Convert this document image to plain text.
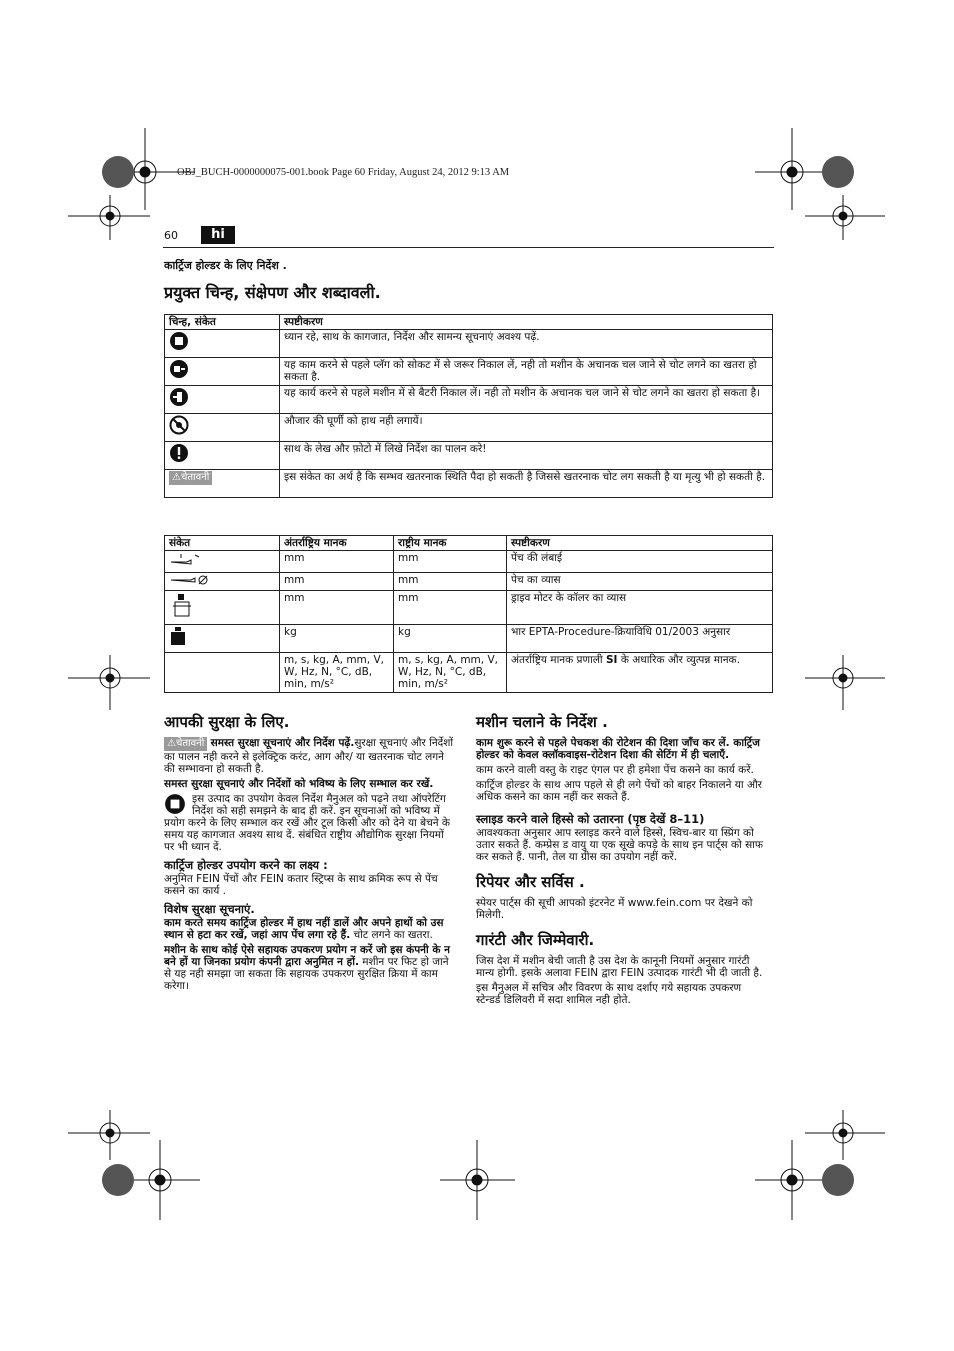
OBJ_BUCH-0000000075-001.book Page 60 Friday, August 24, 2012 9:13 AM
60	hi
कार्ट्रिज होल्डर के लिए निर्देश .
प्रयुक्त चिन्ह, संक्षेपण और शब्दावली.
चिन्ह, संकेत	स्पष्टीकरण
	ध्यान रहे, साथ के कागजात, निर्देश और सामन्य सूचनाएं अवश्य पढ़ें.
	यह काम करने से पहले प्लॅग को सोकट में से जरूर निकाल लें, नही तो मशीन के अचानक चल जाने से चोट लगने का खतरा हो सकता है.
	यह कार्य करने से पहले मशीन में से बैटरी निकाल लें। नही तो मशीन के अचानक चल जाने से चोट लगने का खतरा हो सकता है।
	औजार की घूर्णी को हाथ नही लगायें।
	साथ के लेख और फ़ोटो में लिखे निर्देश का पालन करे!
⚠चेतावनी	इस संकेत का अर्थ है कि सम्भव खतरनाक स्थिति पैदा हो सकती है जिससे खतरनाक चोट लग सकती है या मृत्यु भी हो सकती है.
संकेत	अंतर्राष्ट्रिय मानक	राष्ट्रीय मानक	स्पष्टीकरण
	mm	mm	पेंच की लंबाई
	mm	mm	पेच का व्यास
	mm	mm	ड्राइव मोटर के कॉलर का व्यास
	kg	kg	भार EPTA-Procedure-क्रियाविधि 01/2003 अनुसार
	m, s, kg, A, mm, V, W, Hz, N, °C, dB, min, m/s²	m, s, kg, A, mm, V, W, Hz, N, °C, dB, min, m/s²	अंतर्राष्ट्रिय मानक प्रणाली SI के अधारिक और व्युत्पन्न मानक.
आपकी सुरक्षा के लिए.

⚠चेतावनी समस्त सुरक्षा सूचनाएं और निर्देश पढ़ें.सुरक्षा सूचनाएं और निर्देशों का पालन नही करने से इलेक्ट्रिक करंट, आग और/ या खतरनाक चोट लगने की सम्भावना हो सकती है.

समस्त सुरक्षा सूचनाएं और निर्देशों को भविष्य के लिए सम्भाल कर रखें.

इस उत्पाद का उपयोग केवल निर्देश मैनुअल को पढ़ने तथा ऑपरेटिंग निर्देश को सही समझने के बाद ही करें. इन सूचनाओं को भविष्य में प्रयोग करने के लिए सम्भाल कर रखें और टूल किसी और को देने या बेचने के समय यह कागजात अवश्य साथ दें. संबंधित राष्ट्रीय औद्योगिक सुरक्षा नियमों पर भी ध्यान दें.

कार्ट्रिज होल्डर उपयोग करने का लक्ष्य :

अनुमित FEIN पेंचों और FEIN कतार स्ट्रिप्स के साथ क्रमिक रूप से पेंच कसने का कार्य .

विशेष सुरक्षा सूचनाएं.

काम करते समय कार्ट्रिज होल्डर में हाथ नहीं डालें और अपने हाथों को उस स्थान से हटा कर रखें, जहां आप पेंच लगा रहे हैं. चोट लगने का खतरा.

मशीन के साथ कोई ऐसे सहायक उपकरण प्रयोग न करें जो इस कंपनी के न बने हों या जिनका प्रयोग कंपनी द्वारा अनुमित न हों. मशीन पर फिट हो जाने से यह नही समझा जा सकता कि सहायक उपकरण सुरक्षित क्रिया में काम करेगा।

मशीन चलाने के निर्देश .

काम शुरू करने से पहले पेचकश की रोटेशन की दिशा जाँच कर लें. कार्ट्रिज होल्डर को केवल क्लॉकवाइस-रोटेशन दिशा की सेटिंग में ही चलाएँ.

काम करने वाली वस्तु के राइट एंगल पर ही हमेशा पेंच कसने का कार्य करें.

कार्ट्रिज होल्डर के साथ आप पहले से ही लगे पेंचों को बाहर निकालने या और अधिक कसने का काम नहीं कर सकते हैं.

स्लाइड करने वाले हिस्से को उतारना (पृष्ठ देखें 8–11)

आवश्यकता अनुसार आप स्लाइड करने वाले हिस्से, स्विच-बार या स्प्रिंग को उतार सकते हैं. कम्प्रेस ड वायु या एक सूखे कपड़े के साथ इन पार्ट्स को साफ कर सकते हैं. पानी, तेल या ग्रीस का उपयोग नहीं करें.

रिपेयर और सर्विस .

स्पेयर पार्ट्स की सूची आपको इंटरनेट में www.fein.com पर देखने को मिलेगी.

गारंटी और जिम्मेवारी.

जिस देश में मशीन बेची जाती है उस देश के कानूनी नियमों अनुसार गारंटी मान्य होगी. इसके अलावा FEIN द्वारा FEIN उत्पादक गारंटी भी दी जाती है.

इस मैनुअल में सचित्र और विवरण के साथ दर्शाए गये सहायक उपकरण स्टेन्डर्ड डिलिवरी में सदा शामिल नही होते.
